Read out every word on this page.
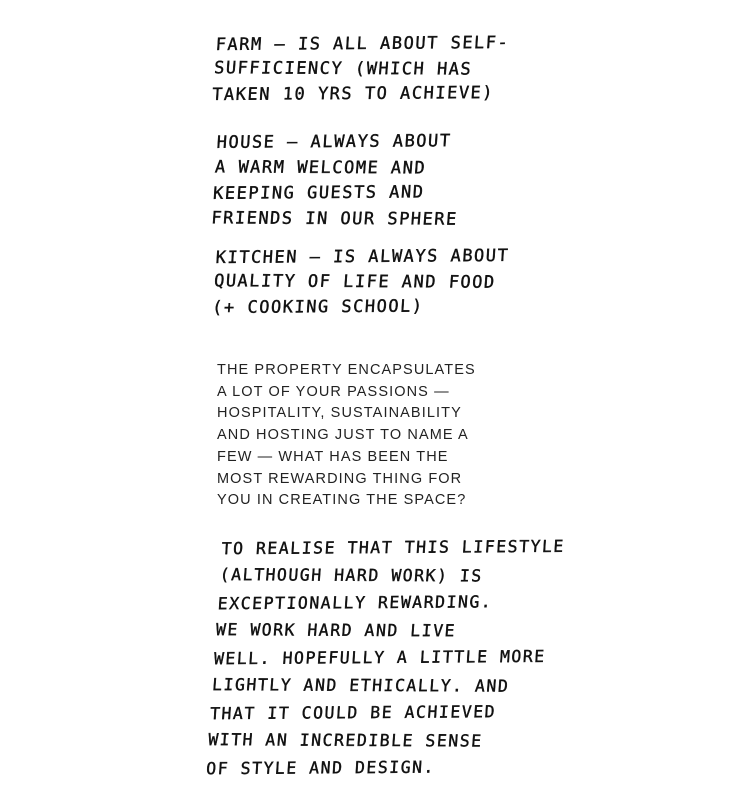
FARM – IS ALL ABOUT SELF-
SUFFICIENCY (WHICH HAS
TAKEN 10 YRS TO ACHIEVE)
HOUSE – ALWAYS ABOUT
A WARM WELCOME AND
KEEPING GUESTS AND
FRIENDS IN OUR SPHERE
KITCHEN – IS ALWAYS ABOUT
QUALITY OF LIFE AND FOOD
(+ COOKING SCHOOL)
THE PROPERTY ENCAPSULATES
A LOT OF YOUR PASSIONS —
HOSPITALITY, SUSTAINABILITY
AND HOSTING JUST TO NAME A
FEW — WHAT HAS BEEN THE
MOST REWARDING THING FOR
YOU IN CREATING THE SPACE?
TO REALISE THAT THIS LIFESTYLE
(ALTHOUGH HARD WORK) IS
EXCEPTIONALLY REWARDING.
WE WORK HARD AND LIVE
WELL. HOPEFULLY A LITTLE MORE
LIGHTLY AND ETHICALLY. AND
THAT IT COULD BE ACHIEVED
WITH AN INCREDIBLE SENSE
OF STYLE AND DESIGN.
